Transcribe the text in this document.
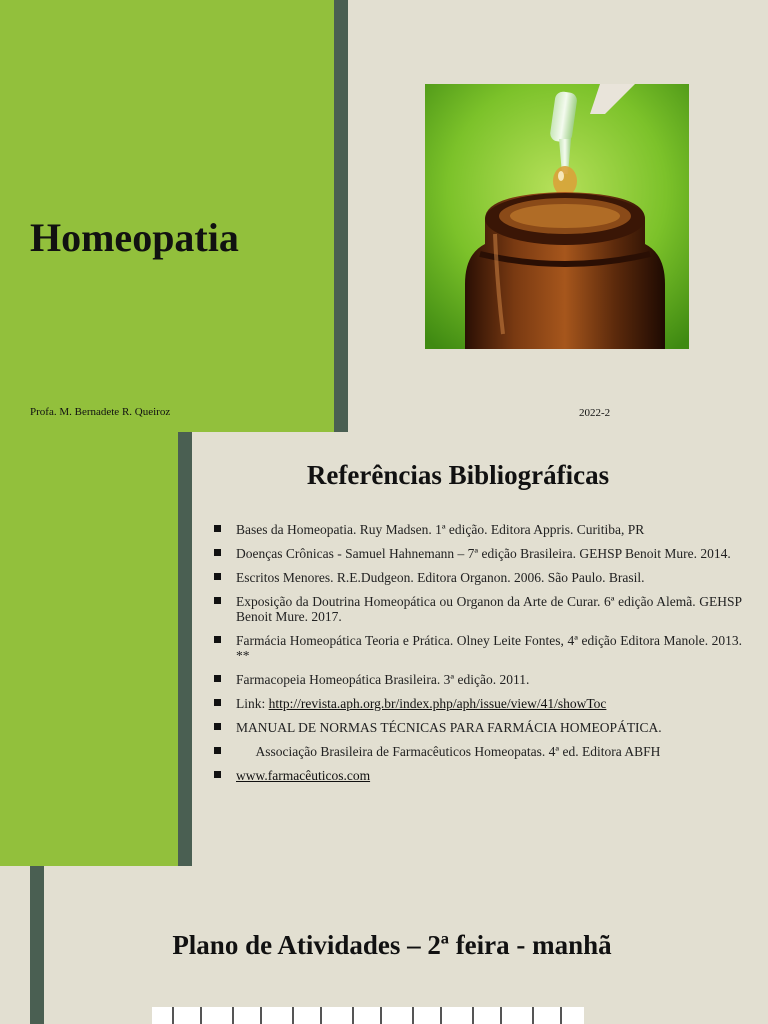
Homeopatia
Profa. M. Bernadete R. Queiroz	2022-2
Referências Bibliográficas
Bases da Homeopatia. Ruy Madsen. 1ª edição. Editora Appris. Curitiba, PR
Doenças Crônicas - Samuel Hahnemann – 7ª edição Brasileira. GEHSP Benoit Mure. 2014.
Escritos Menores. R.E.Dudgeon. Editora Organon. 2006. São Paulo. Brasil.
Exposição da Doutrina Homeopática ou Organon da Arte de Curar. 6ª edição Alemã. GEHSP Benoit Mure. 2017.
Farmácia Homeopática Teoria e Prática. Olney Leite Fontes, 4ª edição Editora Manole. 2013. **
Farmacopeia Homeopática Brasileira. 3ª edição. 2011.
Link: http://revista.aph.org.br/index.php/aph/issue/view/41/showToc
MANUAL DE NORMAS TÉCNICAS PARA FARMÁCIA HOMEOPÁTICA.
Associação Brasileira de Farmacêuticos Homeopatas. 4ª ed. Editora ABFH
www.farmacêuticos.com
Plano de Atividades – 2ª feira - manhã
